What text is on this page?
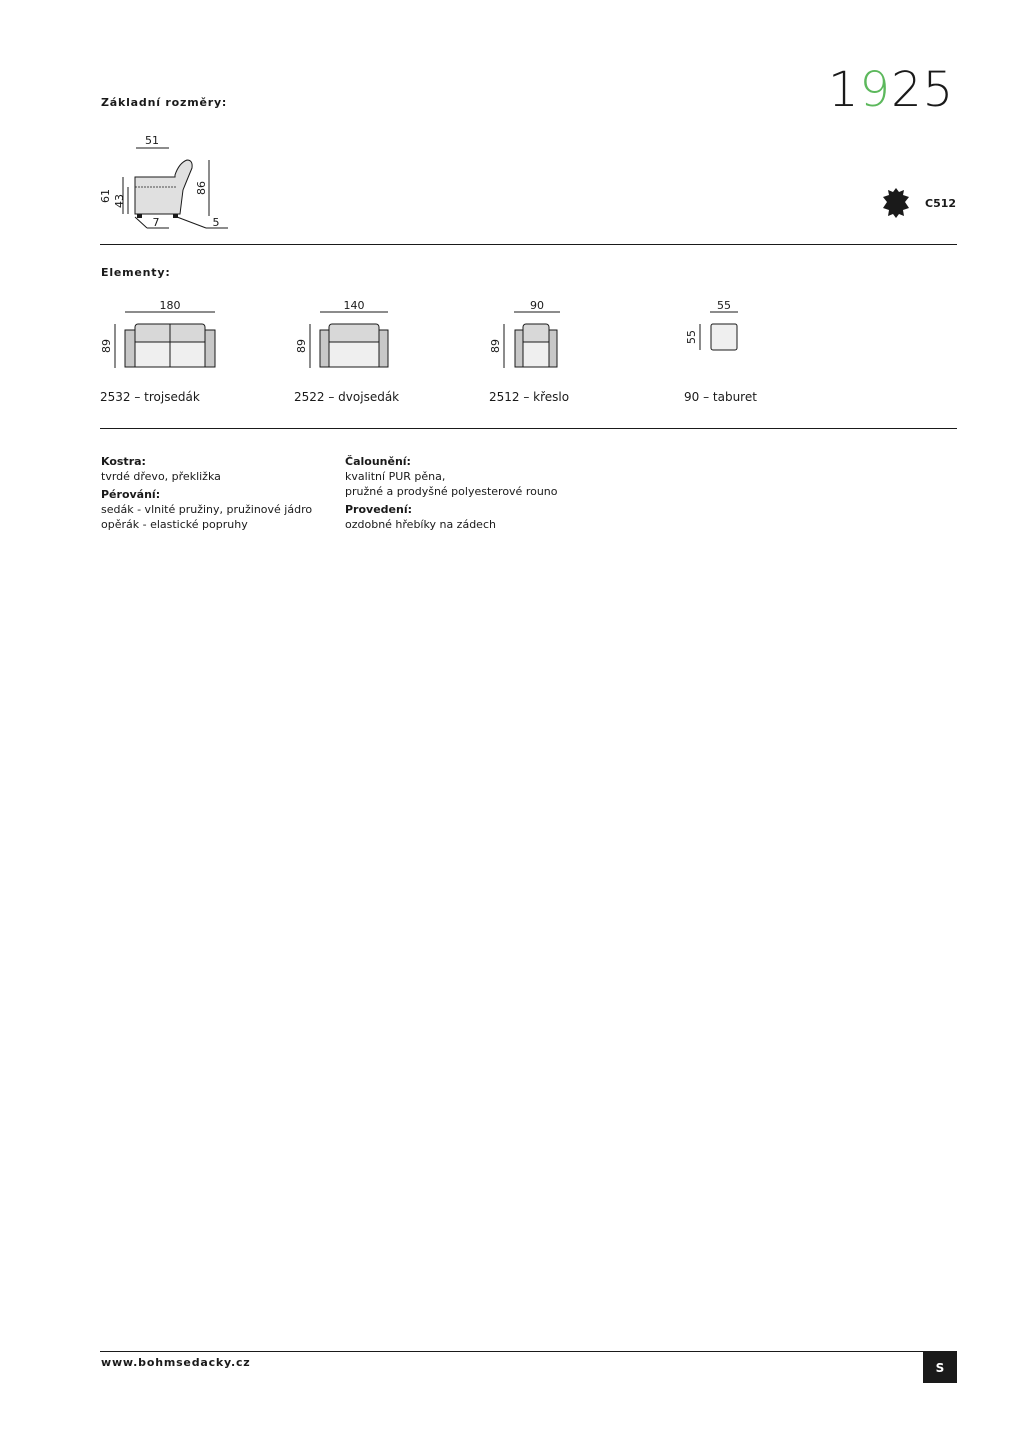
1925
Základní rozměry:
51
61 43
86
7	5
C512
Elementy:
180
89
2532 – trojsedák
140
89
2522 – dvojsedák
90
89
2512 – křeslo
55
55
90 – taburet
Kostra:
tvrdé dřevo, překližka
Pérování:
sedák - vlnité pružiny, pružinové jádro
opěrák - elastické popruhy
Čalounění:
kvalitní PUR pěna,
pružné a prodyšné polyesterové rouno
Provedení:
ozdobné hřebíky na zádech
www.bohmsedacky.cz	S
